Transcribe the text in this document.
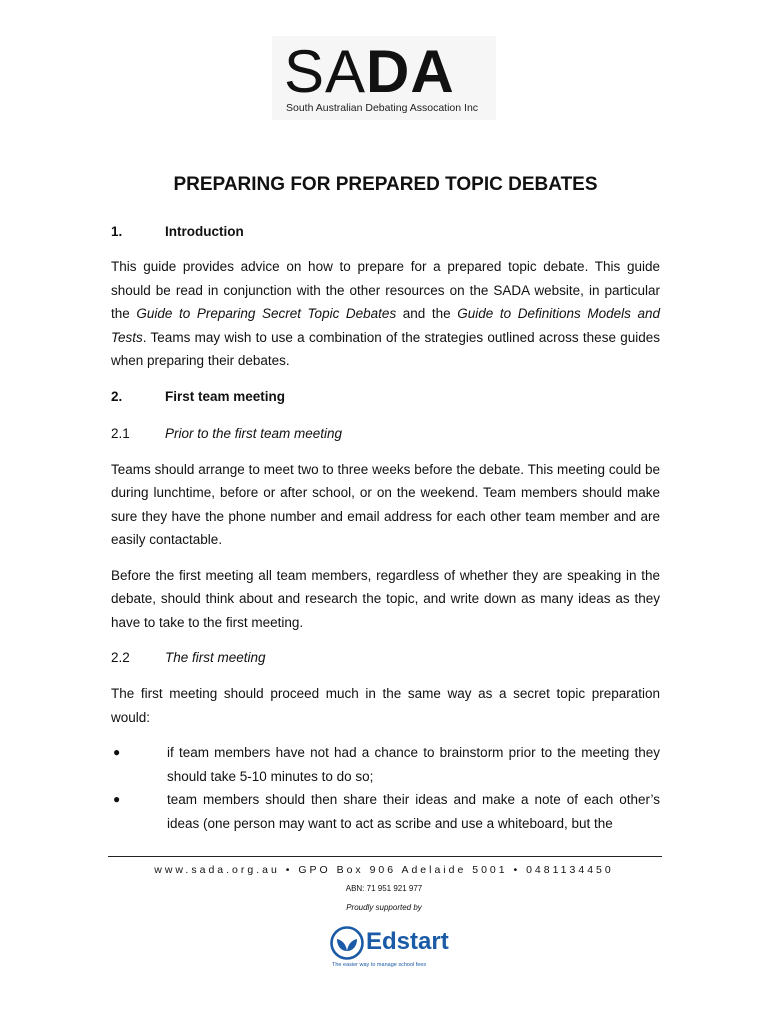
SADA
South Australian Debating Assocation Inc
PREPARING FOR PREPARED TOPIC DEBATES
1.	Introduction

This guide provides advice on how to prepare for a prepared topic debate. This guide should be read in conjunction with the other resources on the SADA website, in particular the Guide to Preparing Secret Topic Debates and the Guide to Definitions Models and Tests. Teams may wish to use a combination of the strategies outlined across these guides when preparing their debates.

2.	First team meeting
2.1	Prior to the first team meeting

Teams should arrange to meet two to three weeks before the debate. This meeting could be during lunchtime, before or after school, or on the weekend. Team members should make sure they have the phone number and email address for each other team member and are easily contactable.

Before the first meeting all team members, regardless of whether they are speaking in the debate, should think about and research the topic, and write down as many ideas as they have to take to the first meeting.

2.2	The first meeting

The first meeting should proceed much in the same way as a secret topic preparation would:

●	if team members have not had a chance to brainstorm prior to the meeting they should take 5-10 minutes to do so;
●	team members should then share their ideas and make a note of each other’s ideas (one person may want to act as scribe and use a whiteboard, but the
www.sada.org.au • GPO Box 906 Adelaide 5001 • 0481134450
ABN: 71 951 921 977
Proudly supported by
Edstart
The easier way to manage school fees
